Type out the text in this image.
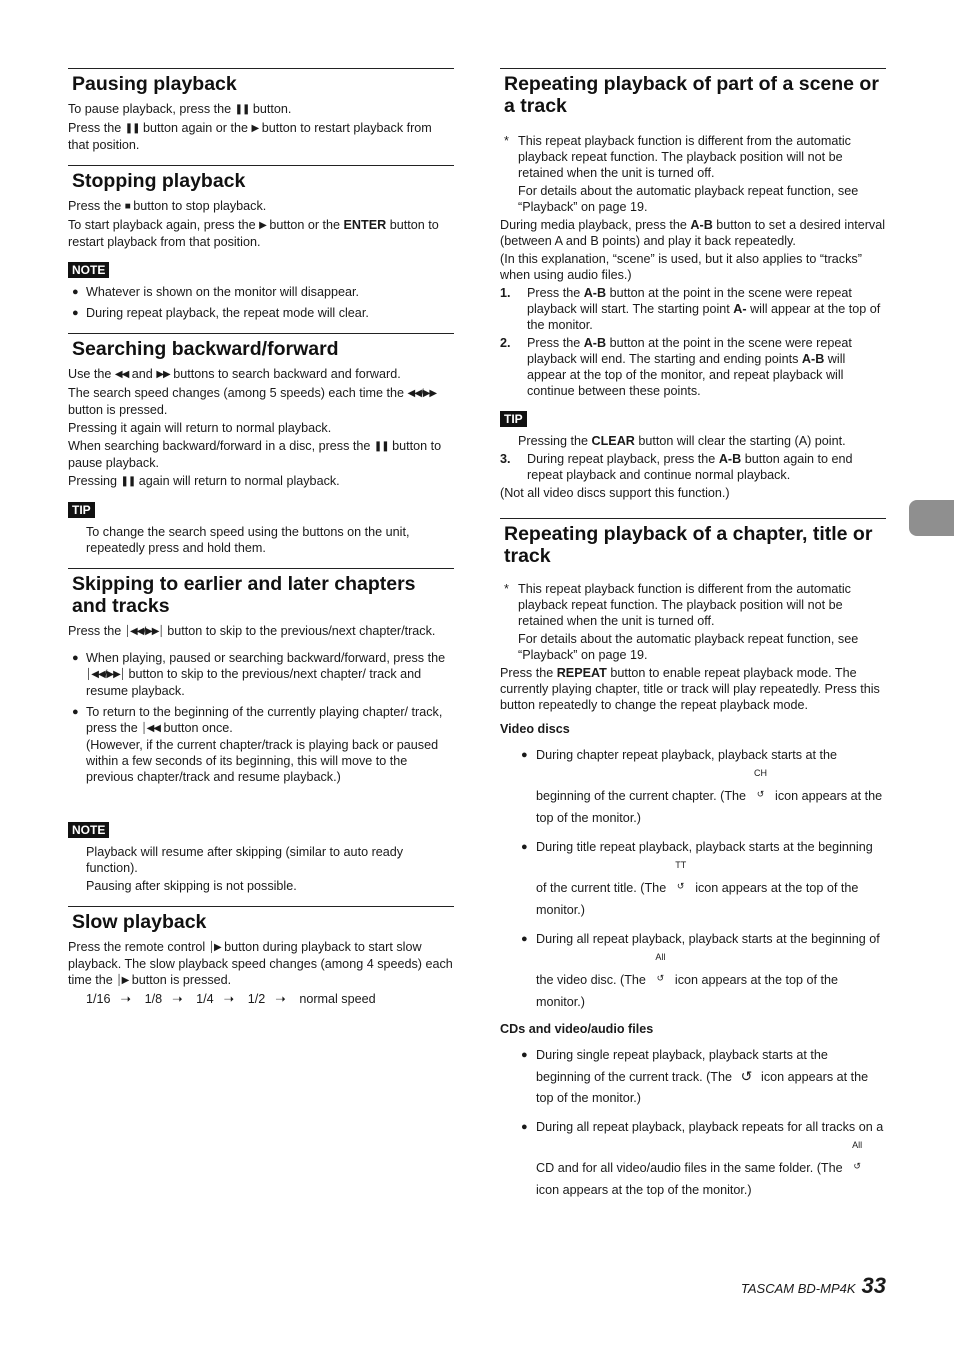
Pausing playback

To pause playback, press the ❚❚ button.

Press the ❚❚ button again or the ▶ button to restart playback from that position.

Stopping playback

Press the ■ button to stop playback.

To start playback again, press the ▶ button or the ENTER button to restart playback from that position.

NOTE

● Whatever is shown on the monitor will disappear.

● During repeat playback, the repeat mode will clear.

Searching backward/forward

Use the ◀◀ and ▶▶ buttons to search backward and forward.

The search speed changes (among 5 speeds) each time the ◀◀/▶▶ button is pressed.

Pressing it again will return to normal playback.

When searching backward/forward in a disc, press the ❚❚ button to pause playback.

Pressing ❚❚ again will return to normal playback.

TIP

To change the search speed using the buttons on the unit, repeatedly press and hold them.

Skipping to earlier and later chapters and tracks

Press the │◀◀/▶▶│ button to skip to the previous/next chapter/track.

● When playing, paused or searching backward/forward, press the │◀◀/▶▶│ button to skip to the previous/next chapter/ track and resume playback.

● To return to the beginning of the currently playing chapter/ track, press the │◀◀ button once.
(However, if the current chapter/track is playing back or paused within a few seconds of its beginning, this will move to the previous chapter/track and resume playback.)

NOTE

Playback will resume after skipping (similar to auto ready function).

Pausing after skipping is not possible.

Slow playback

Press the remote control │▶ button during playback to start slow playback. The slow playback speed changes (among 4 speeds) each time the │▶ button is pressed.

1/16 ➝ 1/8 ➝ 1/4 ➝ 1/2 ➝ normal speed

Repeating playback of part of a scene or a track

* This repeat playback function is different from the automatic playback repeat function. The playback position will not be retained when the unit is turned off.

For details about the automatic playback repeat function, see “Playback” on page 19.

During media playback, press the A-B button to set a desired interval (between A and B points) and play it back repeatedly.

(In this explanation, “scene” is used, but it also applies to “tracks” when using audio files.)

1. Press the A-B button at the point in the scene were repeat playback will start. The starting point A- will appear at the top of the monitor.

2. Press the A-B button at the point in the scene were repeat playback will end. The starting and ending points A-B will appear at the top of the monitor, and repeat playback will continue between these points.

TIP

Pressing the CLEAR button will clear the starting (A) point.

3. During repeat playback, press the A-B button again to end repeat playback and continue normal playback.

(Not all video discs support this function.)

Repeating playback of a chapter, title or track

* This repeat playback function is different from the automatic playback repeat function. The playback position will not be retained when the unit is turned off.

For details about the automatic playback repeat function, see “Playback” on page 19.

Press the REPEAT button to enable repeat playback mode. The currently playing chapter, title or track will play repeatedly. Press this button repeatedly to change the repeat playback mode.

Video discs

● During chapter repeat playback, playback starts at the beginning of the current chapter. (The CH
↺ icon appears at the top of the monitor.)

● During title repeat playback, playback starts at the beginning of the current title. (The TT
↺ icon appears at the top of the monitor.)

● During all repeat playback, playback starts at the beginning of the video disc. (The All
↺ icon appears at the top of the monitor.)

CDs and video/audio files

● During single repeat playback, playback starts at the beginning of the current track. (The ↺ icon appears at the top of the monitor.)

● During all repeat playback, playback repeats for all tracks on a CD and for all video/audio files in the same folder. (The All
↺ icon appears at the top of the monitor.)

TASCAM BD-MP4K 33
